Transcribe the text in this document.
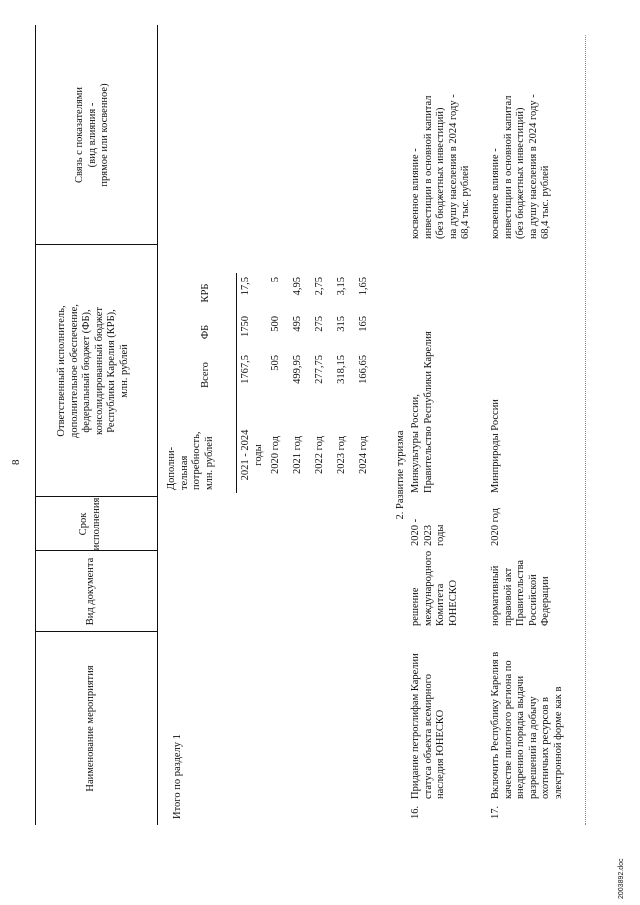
8
Наименование мероприятия
Вид документа
Срок
исполнения
Ответственный исполнитель,
дополнительное обеспечение,
федеральный бюджет (ФБ),
консолидированный бюджет
Республики Карелия (КРБ),
млн. рублей
Связь с показателями
(вид влияния -
прямое или косвенное)
Итого по разделу 1
Дополни-
тельная
потребность,
млн. рублей
Всего
ФБ
КРБ
2021 - 2024
годы
1767,5
1750
17,5
2020 год
505
500
5
2021 год
499,95
495
4,95
2022 год
277,75
275
2,75
2023 год
318,15
315
3,15
2024 год
166,65
165
1,65
2. Развитие туризма
16.
Придание петроглифам Карелии
статуса объекта всемирного
наследия ЮНЕСКО
решение
международного
Комитета
ЮНЕСКО
2020 - 2023
годы
Минкультуры России,
Правительство Республики Карелия
косвенное влияние -
инвестиции в основной капитал
(без бюджетных инвестиций)
на душу населения в 2024 году -
68,4 тыс. рублей
17.
Включить Республику Карелия в
качестве пилотного региона по
внедрению порядка выдачи
разрешений на добычу
охотничьих ресурсов в
электронной форме как в
нормативный
правовой акт
Правительства
Российской
Федерации
2020 год
Минприроды России
косвенное влияние -
инвестиции в основной капитал
(без бюджетных инвестиций)
на душу населения в 2024 году -
68,4 тыс. рублей
2003892.doc
